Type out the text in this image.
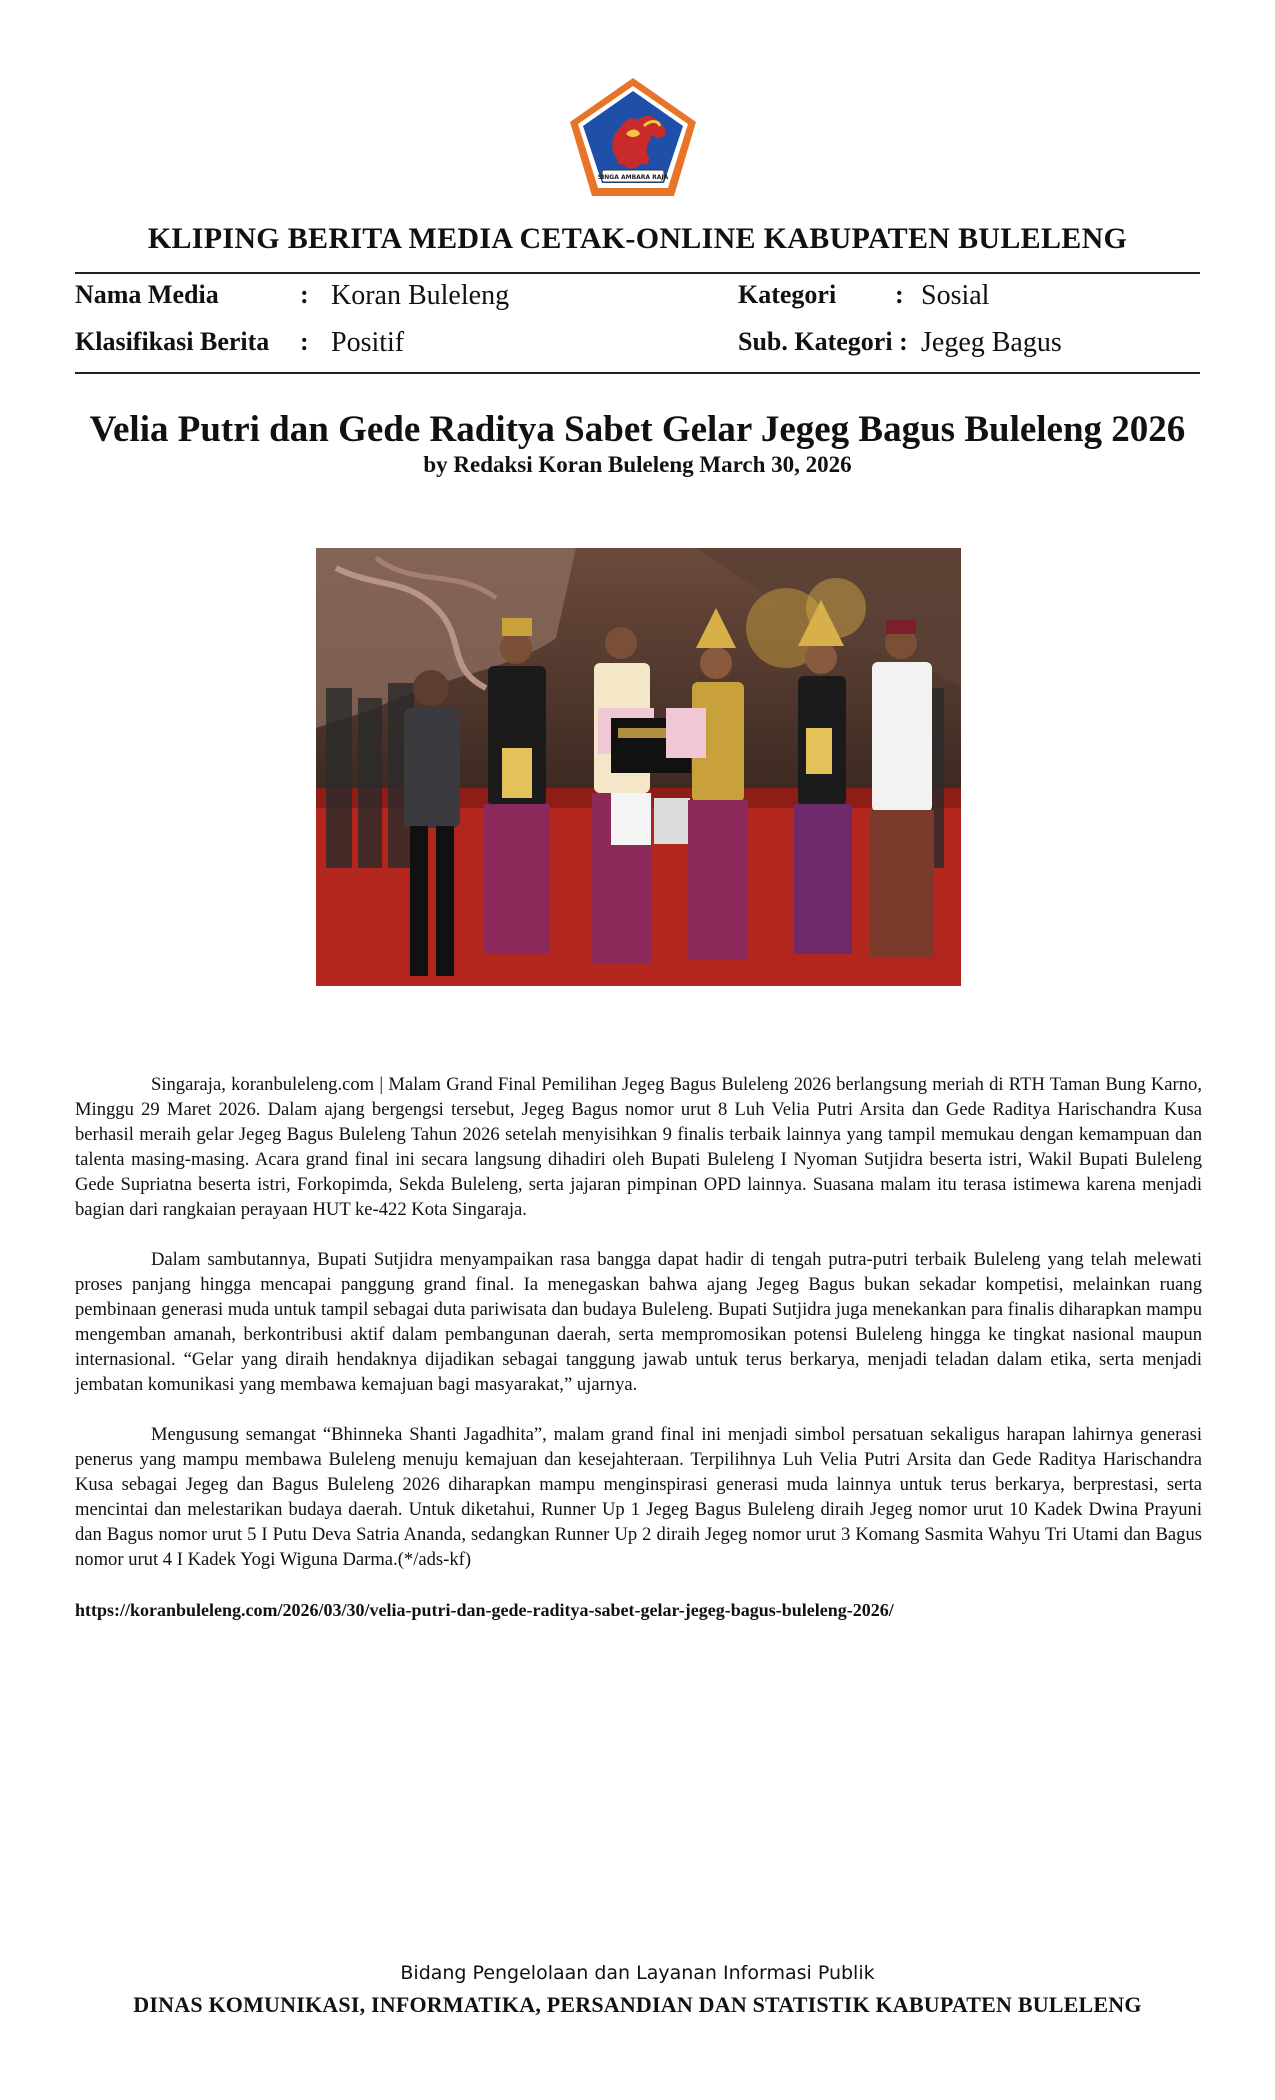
SINGA AMBARA RAJA
KLIPING BERITA MEDIA CETAK-ONLINE KABUPATEN BULELENG
Nama Media	: Koran Buleleng
Klasifikasi Berita : Positif
Kategori : Sosial
Sub. Kategori : Jegeg Bagus
Velia Putri dan Gede Raditya Sabet Gelar Jegeg Bagus Buleleng 2026
by Redaksi Koran Buleleng March 30, 2026

Singaraja, koranbuleleng.com | Malam Grand Final Pemilihan Jegeg Bagus Buleleng 2026 berlangsung meriah di RTH Taman Bung Karno, Minggu 29 Maret 2026. Dalam ajang bergengsi tersebut, Jegeg Bagus nomor urut 8 Luh Velia Putri Arsita dan Gede Raditya Harischandra Kusa berhasil meraih gelar Jegeg Bagus Buleleng Tahun 2026 setelah menyisihkan 9 finalis terbaik lainnya yang tampil memukau dengan kemampuan dan talenta masing-masing. Acara grand final ini secara langsung dihadiri oleh Bupati Buleleng I Nyoman Sutjidra beserta istri, Wakil Bupati Buleleng Gede Supriatna beserta istri, Forkopimda, Sekda Buleleng, serta jajaran pimpinan OPD lainnya. Suasana malam itu terasa istimewa karena menjadi bagian dari rangkaian perayaan HUT ke-422 Kota Singaraja.

Dalam sambutannya, Bupati Sutjidra menyampaikan rasa bangga dapat hadir di tengah putra-putri terbaik Buleleng yang telah melewati proses panjang hingga mencapai panggung grand final. Ia menegaskan bahwa ajang Jegeg Bagus bukan sekadar kompetisi, melainkan ruang pembinaan generasi muda untuk tampil sebagai duta pariwisata dan budaya Buleleng. Bupati Sutjidra juga menekankan para finalis diharapkan mampu mengemban amanah, berkontribusi aktif dalam pembangunan daerah, serta mempromosikan potensi Buleleng hingga ke tingkat nasional maupun internasional. “Gelar yang diraih hendaknya dijadikan sebagai tanggung jawab untuk terus berkarya, menjadi teladan dalam etika, serta menjadi jembatan komunikasi yang membawa kemajuan bagi masyarakat,” ujarnya.

Mengusung semangat “Bhinneka Shanti Jagadhita”, malam grand final ini menjadi simbol persatuan sekaligus harapan lahirnya generasi penerus yang mampu membawa Buleleng menuju kemajuan dan kesejahteraan. Terpilihnya Luh Velia Putri Arsita dan Gede Raditya Harischandra Kusa sebagai Jegeg dan Bagus Buleleng 2026 diharapkan mampu menginspirasi generasi muda lainnya untuk terus berkarya, berprestasi, serta mencintai dan melestarikan budaya daerah. Untuk diketahui, Runner Up 1 Jegeg Bagus Buleleng diraih Jegeg nomor urut 10 Kadek Dwina Prayuni dan Bagus nomor urut 5 I Putu Deva Satria Ananda, sedangkan Runner Up 2 diraih Jegeg nomor urut 3 Komang Sasmita Wahyu Tri Utami dan Bagus nomor urut 4 I Kadek Yogi Wiguna Darma.(*/ads-kf)

https://koranbuleleng.com/2026/03/30/velia-putri-dan-gede-raditya-sabet-gelar-jegeg-bagus-buleleng-2026/
Bidang Pengelolaan dan Layanan Informasi Publik
DINAS KOMUNIKASI, INFORMATIKA, PERSANDIAN DAN STATISTIK KABUPATEN BULELENG
